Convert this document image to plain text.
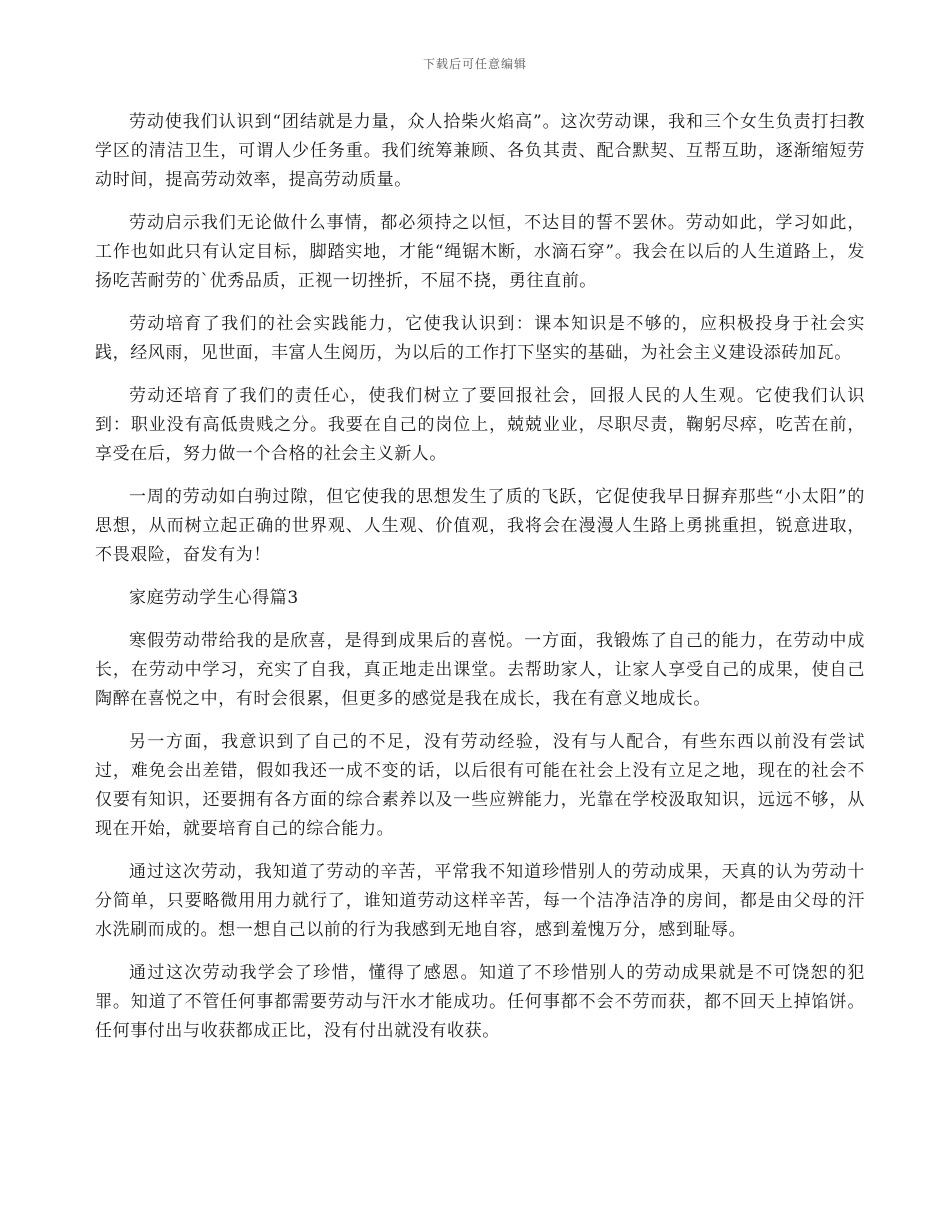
下载后可任意编辑

劳动使我们认识到“团结就是力量，众人拾柴火焰高”。这次劳动课，我和三个女生负责打扫教学区的清洁卫生，可谓人少任务重。我们统筹兼顾、各负其责、配合默契、互帮互助，逐渐缩短劳动时间，提高劳动效率，提高劳动质量。

劳动启示我们无论做什么事情，都必须持之以恒，不达目的誓不罢休。劳动如此，学习如此，工作也如此只有认定目标，脚踏实地，才能“绳锯木断，水滴石穿”。我会在以后的人生道路上，发扬吃苦耐劳的`优秀品质，正视一切挫折，不屈不挠，勇往直前。

劳动培育了我们的社会实践能力，它使我认识到：课本知识是不够的，应积极投身于社会实践，经风雨，见世面，丰富人生阅历，为以后的工作打下坚实的基础，为社会主义建设添砖加瓦。

劳动还培育了我们的责任心，使我们树立了要回报社会，回报人民的人生观。它使我们认识到：职业没有高低贵贱之分。我要在自己的岗位上，兢兢业业，尽职尽责，鞠躬尽瘁，吃苦在前，享受在后，努力做一个合格的社会主义新人。

一周的劳动如白驹过隙，但它使我的思想发生了质的飞跃，它促使我早日摒弃那些“小太阳”的思想，从而树立起正确的世界观、人生观、价值观，我将会在漫漫人生路上勇挑重担，锐意进取，不畏艰险，奋发有为！

家庭劳动学生心得篇3

寒假劳动带给我的是欣喜，是得到成果后的喜悦。一方面，我锻炼了自己的能力，在劳动中成长，在劳动中学习，充实了自我，真正地走出课堂。去帮助家人，让家人享受自己的成果，使自己陶醉在喜悦之中，有时会很累，但更多的感觉是我在成长，我在有意义地成长。

另一方面，我意识到了自己的不足，没有劳动经验，没有与人配合，有些东西以前没有尝试过，难免会出差错，假如我还一成不变的话，以后很有可能在社会上没有立足之地，现在的社会不仅要有知识，还要拥有各方面的综合素养以及一些应辨能力，光靠在学校汲取知识，远远不够，从现在开始，就要培育自己的综合能力。

通过这次劳动，我知道了劳动的辛苦，平常我不知道珍惜别人的劳动成果，天真的认为劳动十分简单，只要略微用用力就行了，谁知道劳动这样辛苦，每一个洁净洁净的房间，都是由父母的汗水洗刷而成的。想一想自己以前的行为我感到无地自容，感到羞愧万分，感到耻辱。

通过这次劳动我学会了珍惜，懂得了感恩。知道了不珍惜别人的劳动成果就是不可饶恕的犯罪。知道了不管任何事都需要劳动与汗水才能成功。任何事都不会不劳而获，都不回天上掉馅饼。任何事付出与收获都成正比，没有付出就没有收获。
